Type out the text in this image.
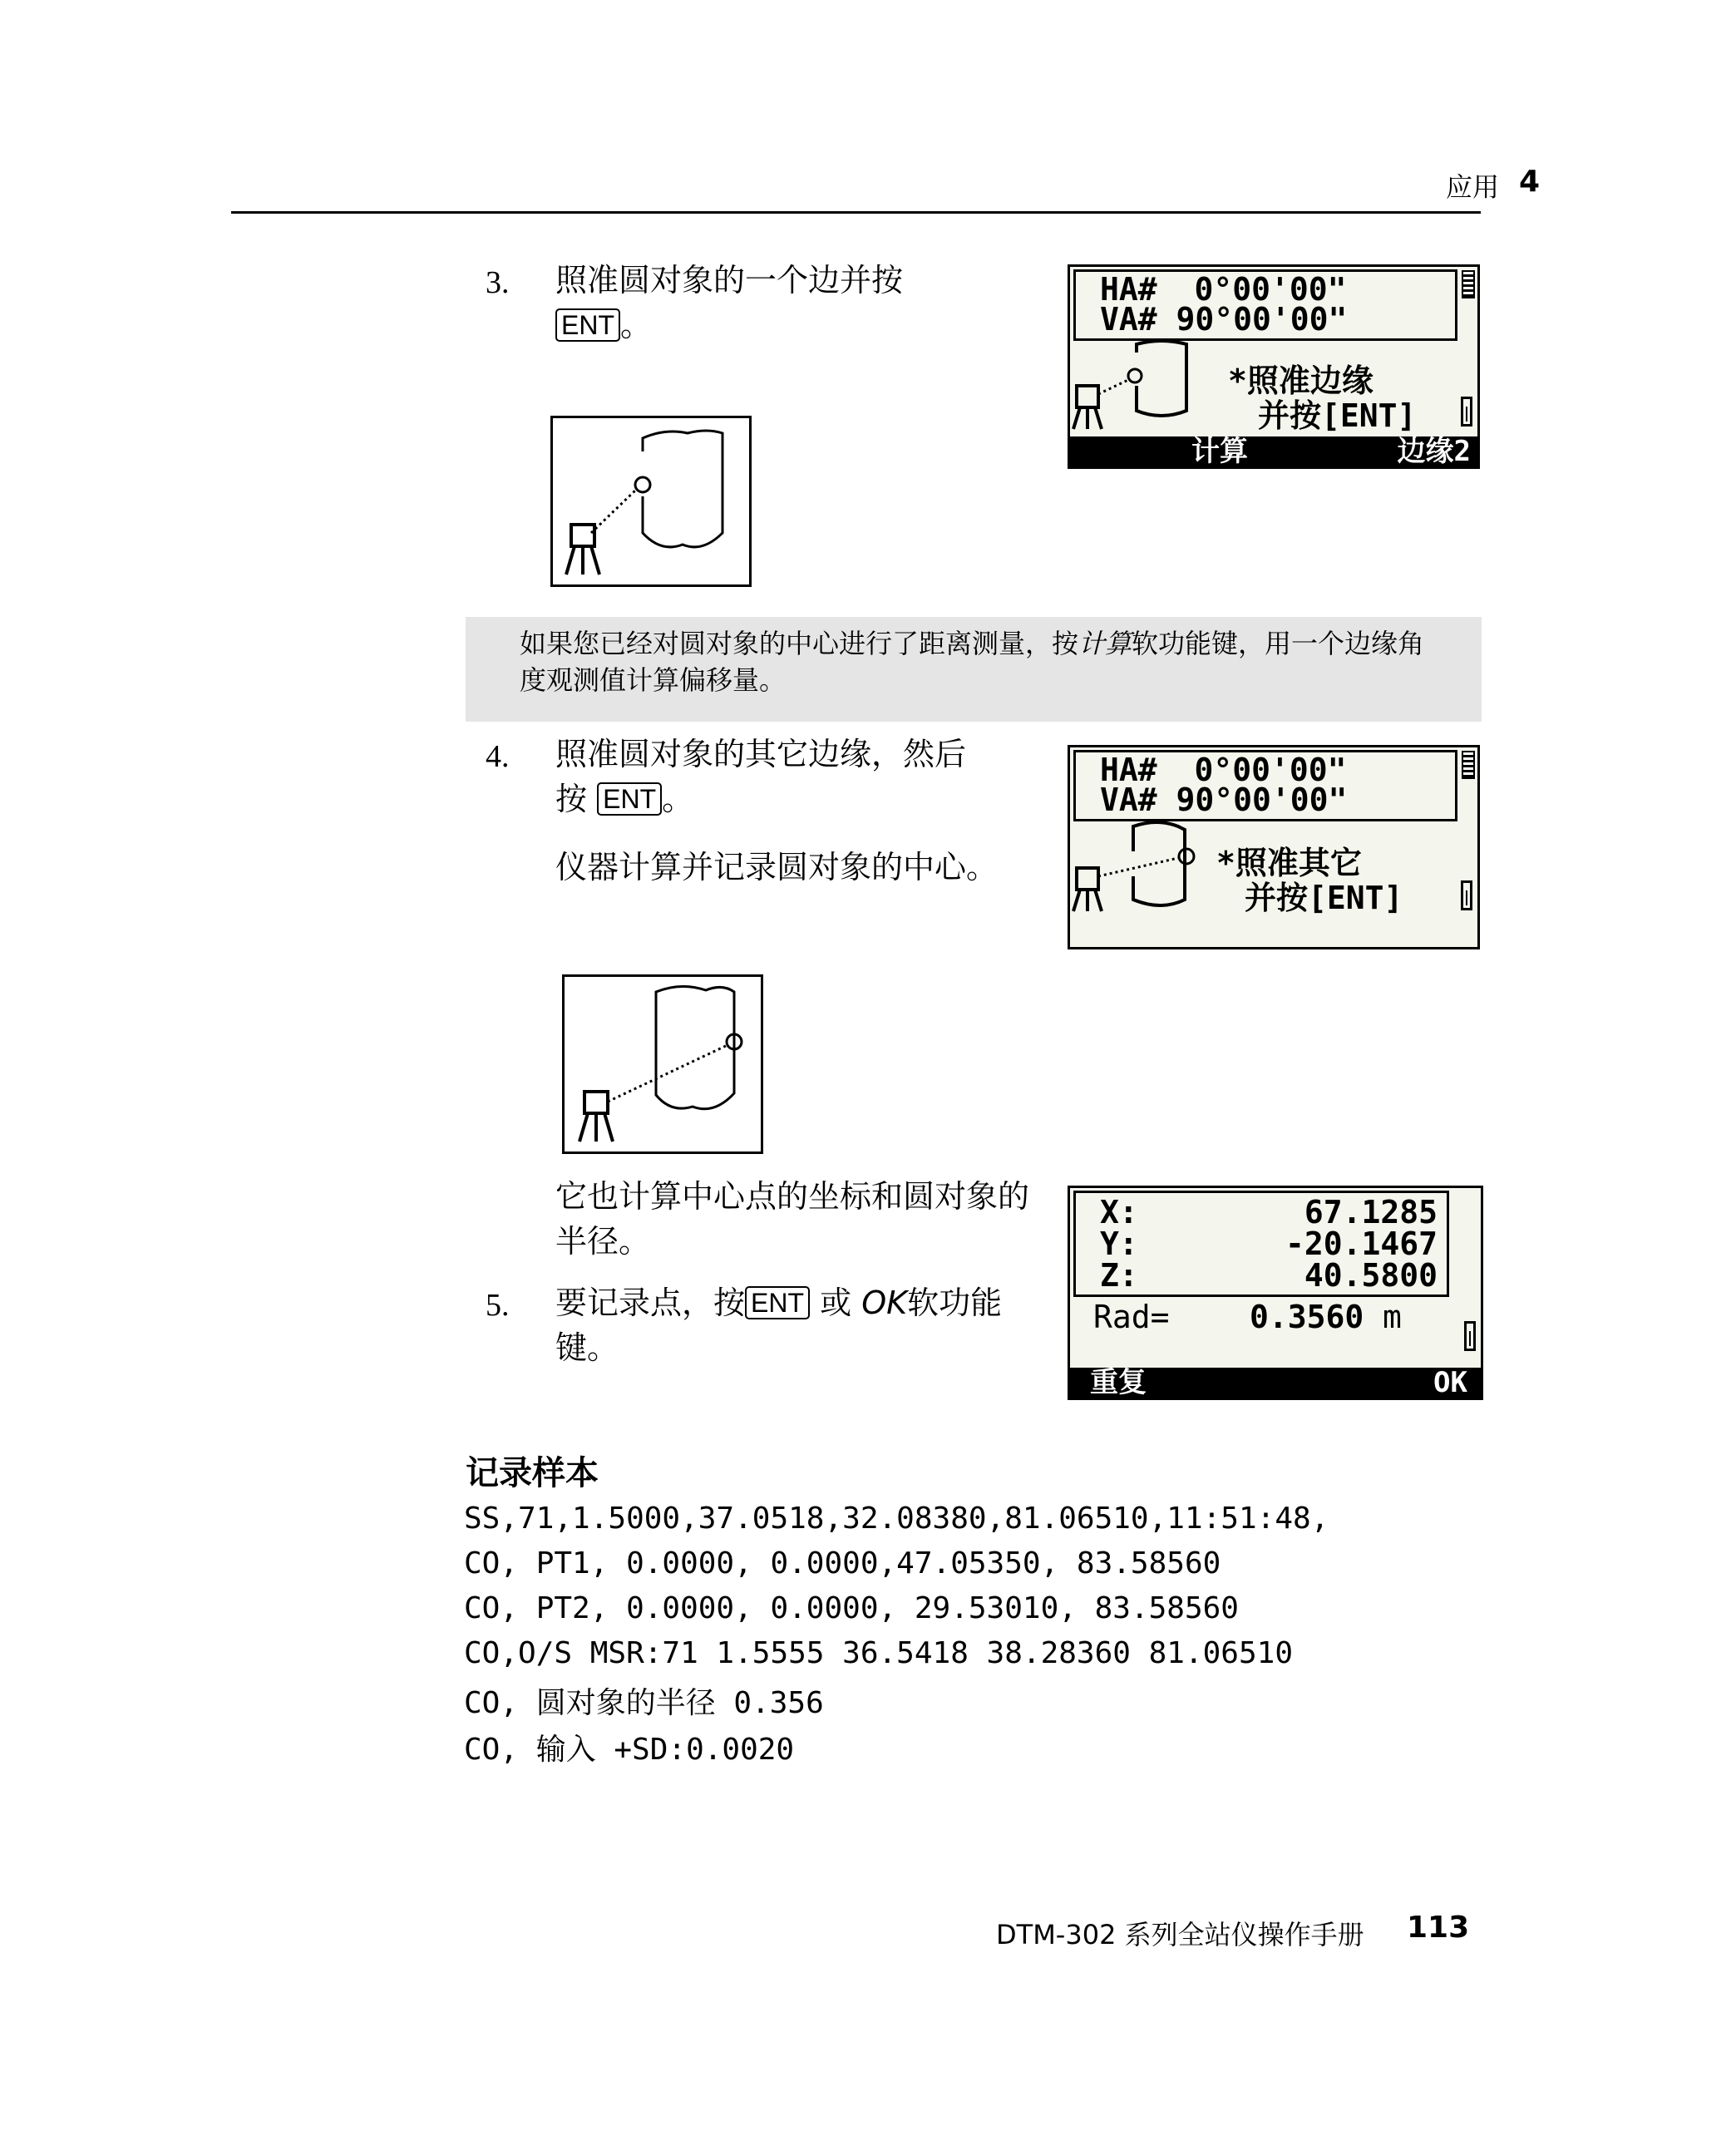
应用 4
3. 照准圆对象的一个边并按
ENT 。
HA# 0°00'00"
VA# 90°00'00"
*照准边缘
并按[ENT]
计算	边缘2
如果您已经对圆对象的中心进行了距离测量，按计算软功能键，用一个边缘角度观测值计算偏移量。
4. 照准圆对象的其它边缘，然后
按 ENT 。
仪器计算并记录圆对象的中心。
HA# 0°00'00"
VA# 90°00'00"
*照准其它
并按[ENT]
它也计算中心点的坐标和圆对象的半径。
5. 要记录点，按 ENT 或 OK软功能
键。
X:	67.1285
Y:	-20.1467
Z:	40.5800
Rad=	0.3560 m
重复	OK
记录样本
SS,71,1.5000,37.0518,32.08380,81.06510,11:51:48,
CO, PT1, 0.0000, 0.0000,47.05350, 83.58560
CO, PT2, 0.0000, 0.0000, 29.53010, 83.58560
CO,O/S MSR:71 1.5555 36.5418 38.28360 81.06510
CO, 圆对象的半径 0.356
CO, 输入 +SD:0.0020
DTM-302 系列全站仪操作手册 113
